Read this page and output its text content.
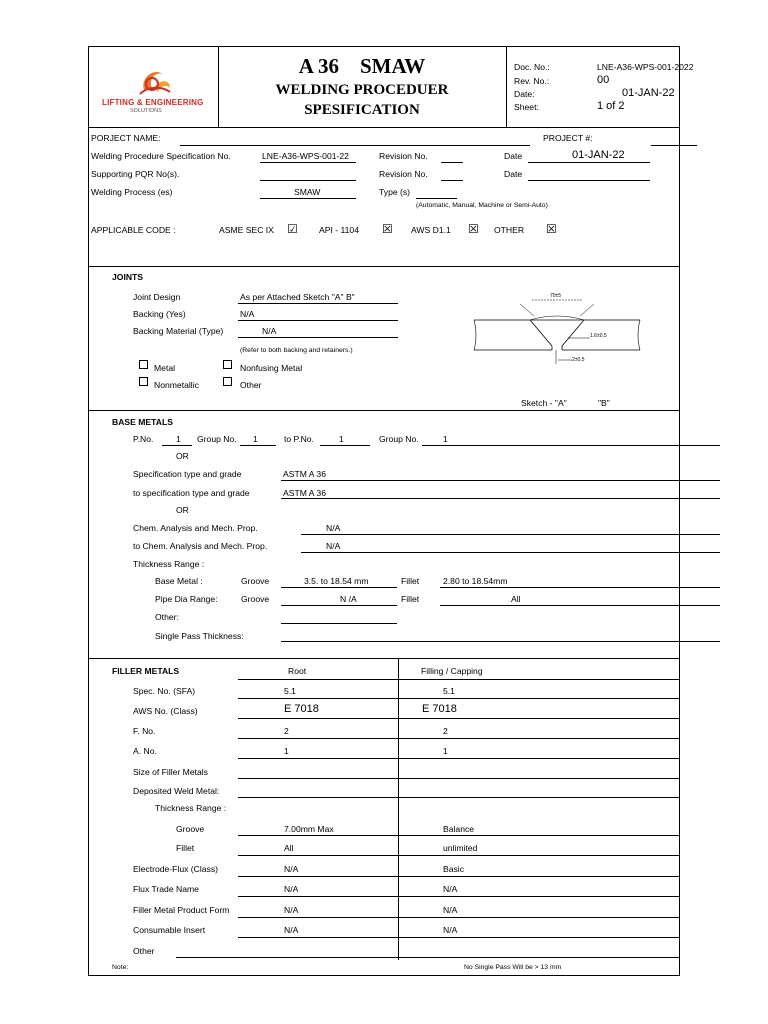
LIFTING & ENGINEERING
SOLUTIONS
A 36    SMAW
WELDING PROCEDUER
SPESIFICATION
Doc. No.:	LNE-A36-WPS-001-2022
Rev. No.:	00
Date:	01-JAN-22
Sheet:	1 of 2
PORJECT NAME:	PROJECT #:
Welding Procedure Specification No.	LNE-A36-WPS-001-22	Revision No.	Date	01-JAN-22
Supporting PQR No(s).	Revision No.	Date
Welding Process (es)	SMAW	Type (s)
(Automatic, Manual, Machine or Semi-Auto)
APPLICABLE CODE :	ASME SEC IX ☑ API - 1104 ☒ AWS D1.1 ☒ OTHER ☒
JOINTS
Joint Design	As per Attached Sketch "A" B"
Backing (Yes)	N/A
Backing Material (Type)	N/A
(Refer to both backing and retainers.)
Metal	Nonfusing Metal
Nonmetallic	Other
70±5
1.6±0.5
2±0.5
Sketch - "A"	"B"
BASE METALS
P.No.	1 Group No. 1	to P.No.	1	Group No.	1
OR
Specification type and grade	ASTM A 36
to specification type and grade	ASTM A 36
OR
Chem. Analysis and Mech. Prop.	N/A
to Chem. Analysis and Mech. Prop.	N/A
Thickness Range :
Base Metal :	Groove	3.5. to 18.54 mm	Fillet	2.80 to 18.54mm
Pipe Dia Range:	Groove	N /A	Fillet	All
Other:
Single Pass Thickness:
FILLER METALS	Root	Filling / Capping
Spec. No. (SFA)	5.1	5.1
AWS No. (Class)	E 7018	E 7018
F. No.	2	2
A. No.	1	1
Size of Filler Metals
Deposited Weld Metal:
Thickness Range :
Groove	7.00mm Max	Balance
Fillet	All	unlimited
Electrode-Flux (Class)	N/A	Basic
Flux Trade Name	N/A	N/A
Filler Metal Product Form	N/A	N/A
Consumable Insert	N/A	N/A
Other
Note:	No Single Pass Will be > 13 mm
